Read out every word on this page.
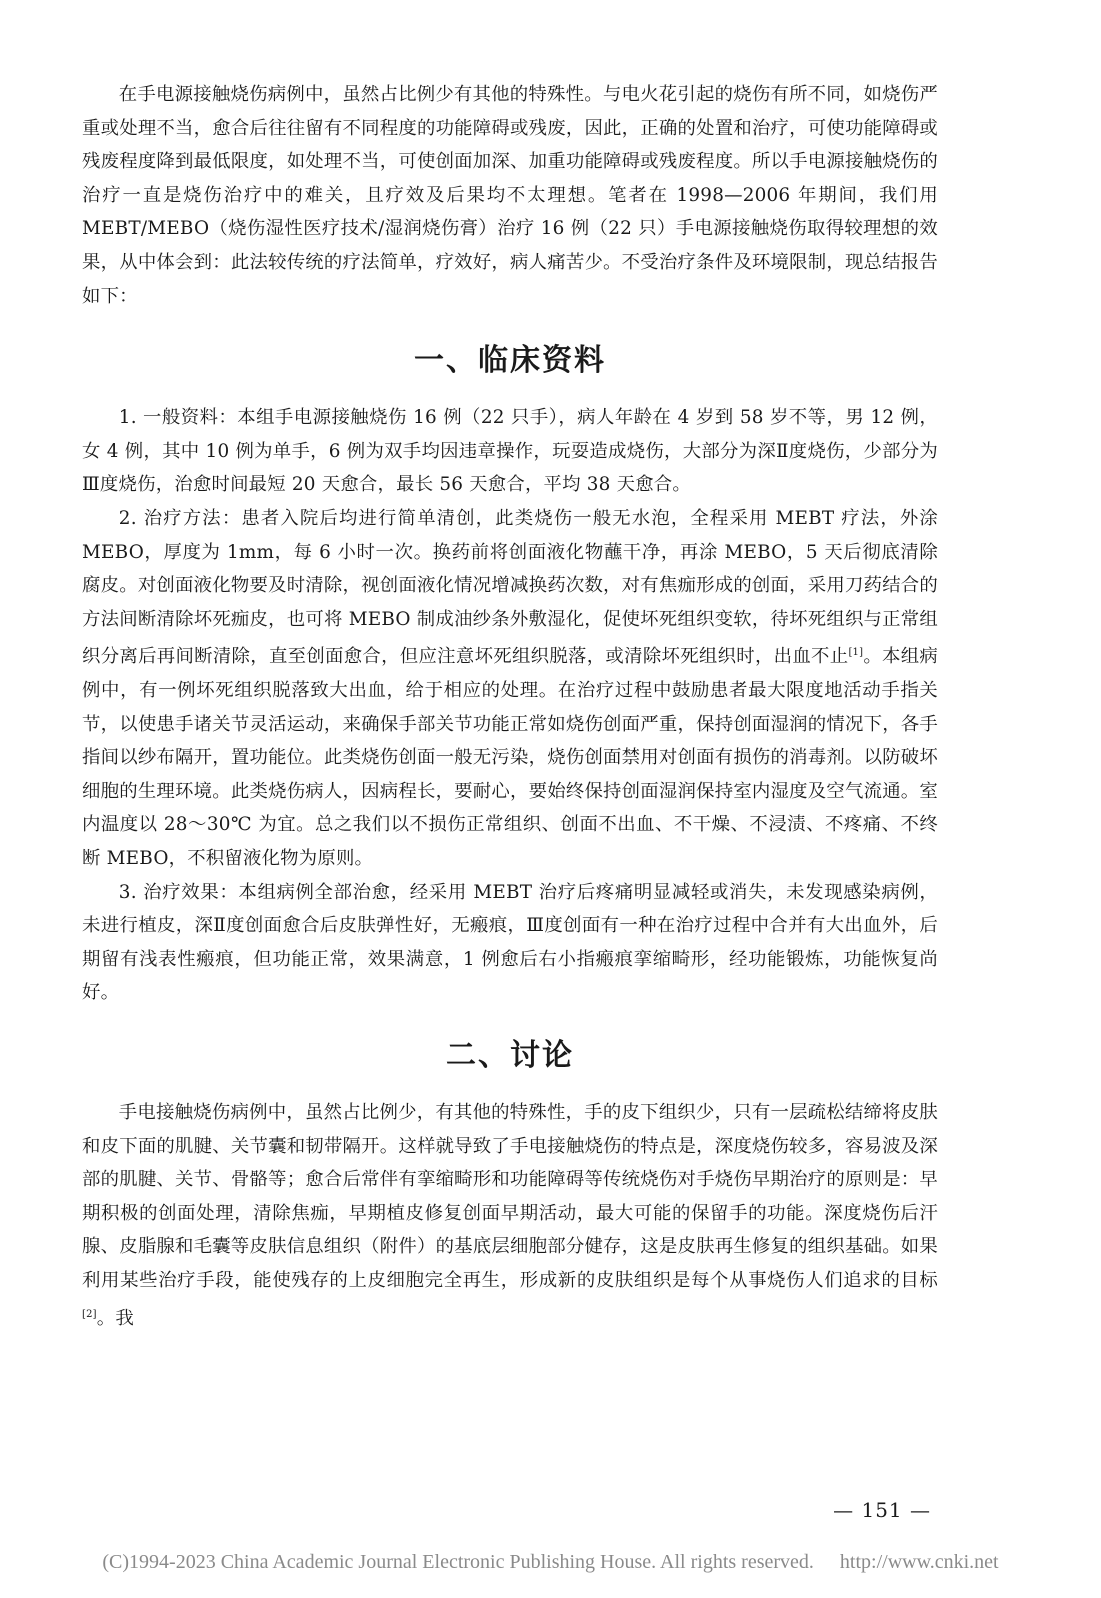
在手电源接触烧伤病例中，虽然占比例少有其他的特殊性。与电火花引起的烧伤有所不同，如烧伤严重或处理不当，愈合后往往留有不同程度的功能障碍或残废，因此，正确的处置和治疗，可使功能障碍或残废程度降到最低限度，如处理不当，可使创面加深、加重功能障碍或残废程度。所以手电源接触烧伤的治疗一直是烧伤治疗中的难关，且疗效及后果均不太理想。笔者在 1998—2006 年期间，我们用 MEBT/MEBO（烧伤湿性医疗技术/湿润烧伤膏）治疗 16 例（22 只）手电源接触烧伤取得较理想的效果，从中体会到：此法较传统的疗法简单，疗效好，病人痛苦少。不受治疗条件及环境限制，现总结报告如下：

一、临床资料

1. 一般资料：本组手电源接触烧伤 16 例（22 只手），病人年龄在 4 岁到 58 岁不等，男 12 例，女 4 例，其中 10 例为单手，6 例为双手均因违章操作，玩耍造成烧伤，大部分为深Ⅱ度烧伤，少部分为Ⅲ度烧伤，治愈时间最短 20 天愈合，最长 56 天愈合，平均 38 天愈合。

2. 治疗方法：患者入院后均进行简单清创，此类烧伤一般无水泡，全程采用 MEBT 疗法，外涂 MEBO，厚度为 1mm，每 6 小时一次。换药前将创面液化物蘸干净，再涂 MEBO，5 天后彻底清除腐皮。对创面液化物要及时清除，视创面液化情况增减换药次数，对有焦痂形成的创面，采用刀药结合的方法间断清除坏死痂皮，也可将 MEBO 制成油纱条外敷湿化，促使坏死组织变软，待坏死组织与正常组织分离后再间断清除，直至创面愈合，但应注意坏死组织脱落，或清除坏死组织时，出血不止[1]。本组病例中，有一例坏死组织脱落致大出血，给于相应的处理。在治疗过程中鼓励患者最大限度地活动手指关节，以使患手诸关节灵活运动，来确保手部关节功能正常如烧伤创面严重，保持创面湿润的情况下，各手指间以纱布隔开，置功能位。此类烧伤创面一般无污染，烧伤创面禁用对创面有损伤的消毒剂。以防破坏细胞的生理环境。此类烧伤病人，因病程长，要耐心，要始终保持创面湿润保持室内湿度及空气流通。室内温度以 28～30℃ 为宜。总之我们以不损伤正常组织、创面不出血、不干燥、不浸渍、不疼痛、不终断 MEBO，不积留液化物为原则。

3. 治疗效果：本组病例全部治愈，经采用 MEBT 治疗后疼痛明显减轻或消失，未发现感染病例，未进行植皮，深Ⅱ度创面愈合后皮肤弹性好，无瘢痕，Ⅲ度创面有一种在治疗过程中合并有大出血外，后期留有浅表性瘢痕，但功能正常，效果满意，1 例愈后右小指瘢痕挛缩畸形，经功能锻炼，功能恢复尚好。

二、讨论

手电接触烧伤病例中，虽然占比例少，有其他的特殊性，手的皮下组织少，只有一层疏松结缔将皮肤和皮下面的肌腱、关节囊和韧带隔开。这样就导致了手电接触烧伤的特点是，深度烧伤较多，容易波及深部的肌腱、关节、骨骼等；愈合后常伴有挛缩畸形和功能障碍等传统烧伤对手烧伤早期治疗的原则是：早期积极的创面处理，清除焦痂，早期植皮修复创面早期活动，最大可能的保留手的功能。深度烧伤后汗腺、皮脂腺和毛囊等皮肤信息组织（附件）的基底层细胞部分健存，这是皮肤再生修复的组织基础。如果利用某些治疗手段，能使残存的上皮细胞完全再生，形成新的皮肤组织是每个从事烧伤人们追求的目标[2]。我

— 151 —
(C)1994-2023 China Academic Journal Electronic Publishing House. All rights reserved. http://www.cnki.net
